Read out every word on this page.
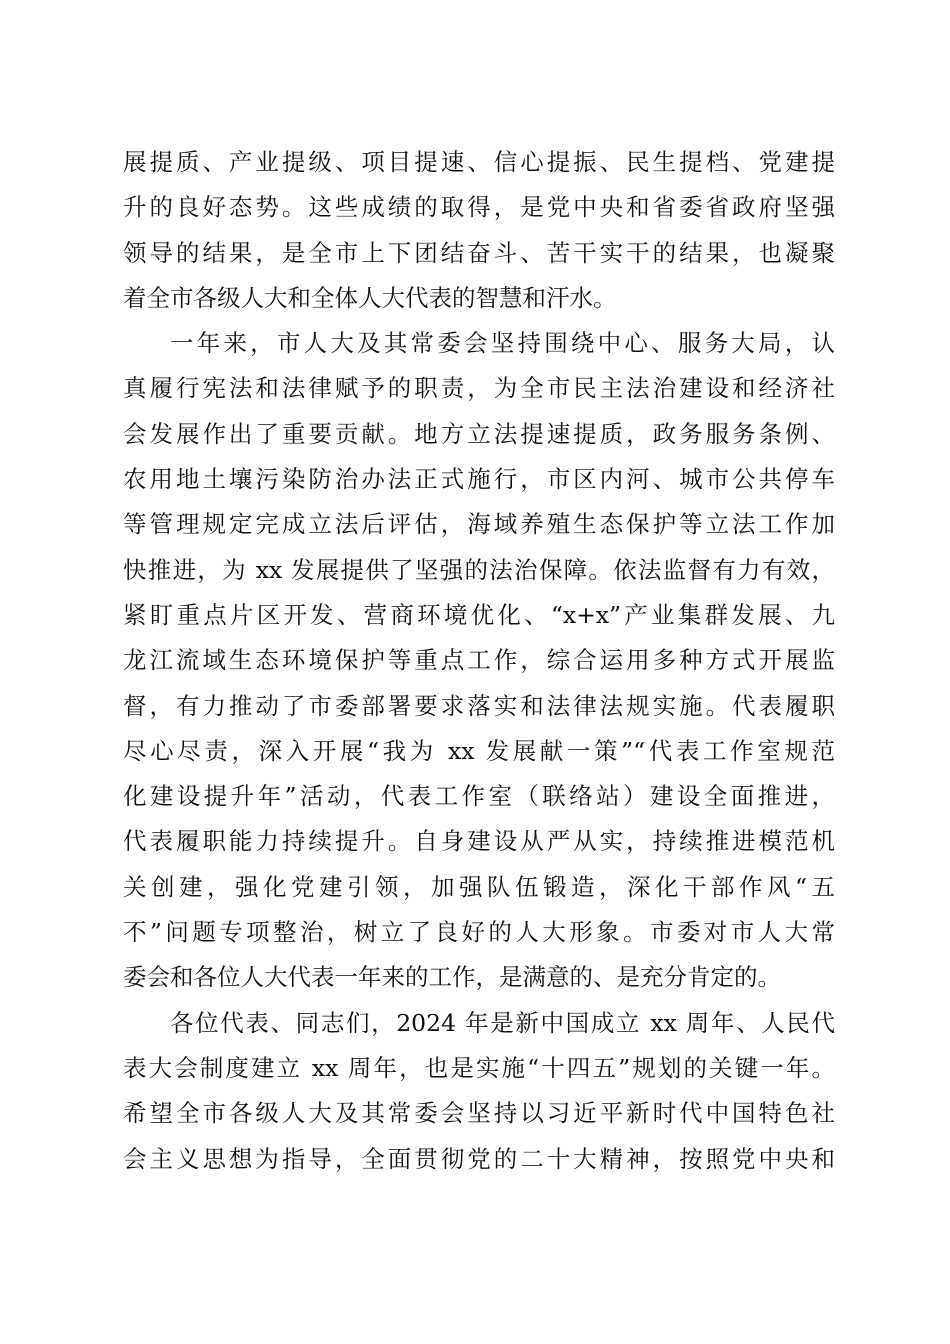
展提质、产业提级、项目提速、信心提振、民生提档、党建提
升的良好态势。这些成绩的取得，是党中央和省委省政府坚强
领导的结果，是全市上下团结奋斗、苦干实干的结果，也凝聚
着全市各级人大和全体人大代表的智慧和汗水。
一年来，市人大及其常委会坚持围绕中心、服务大局，认
真履行宪法和法律赋予的职责，为全市民主法治建设和经济社
会发展作出了重要贡献。地方立法提速提质，政务服务条例、
农用地土壤污染防治办法正式施行，市区内河、城市公共停车
等管理规定完成立法后评估，海域养殖生态保护等立法工作加
快推进，为 xx 发展提供了坚强的法治保障。依法监督有力有效，
紧盯重点片区开发、营商环境优化、“x+x”产业集群发展、九
龙江流域生态环境保护等重点工作，综合运用多种方式开展监
督，有力推动了市委部署要求落实和法律法规实施。代表履职
尽心尽责，深入开展“我为 xx 发展献一策”“代表工作室规范
化建设提升年”活动，代表工作室（联络站）建设全面推进，
代表履职能力持续提升。自身建设从严从实，持续推进模范机
关创建，强化党建引领，加强队伍锻造，深化干部作风“五
不”问题专项整治，树立了良好的人大形象。市委对市人大常
委会和各位人大代表一年来的工作，是满意的、是充分肯定的。
各位代表、同志们，2024 年是新中国成立 xx 周年、人民代
表大会制度建立 xx 周年，也是实施“十四五”规划的关键一年。
希望全市各级人大及其常委会坚持以习近平新时代中国特色社
会主义思想为指导，全面贯彻党的二十大精神，按照党中央和
